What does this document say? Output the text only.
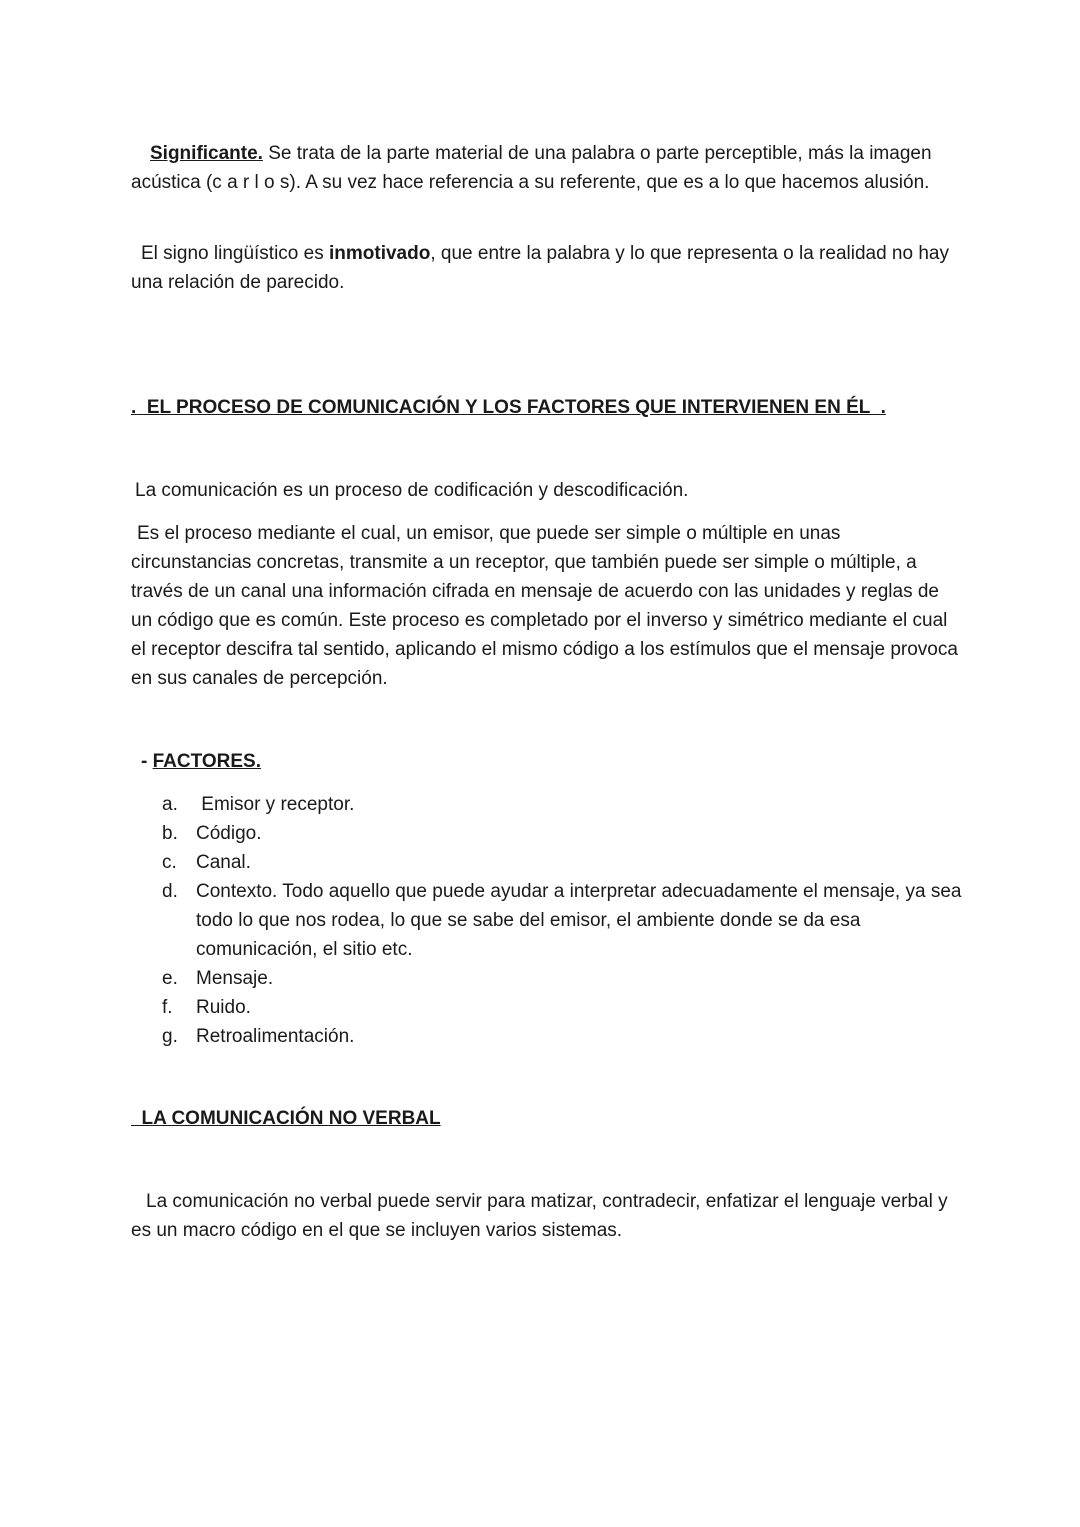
Significante. Se trata de la parte material de una palabra o parte perceptible, más la imagen acústica (c a r l o s). A su vez hace referencia a su referente, que es a lo que hacemos alusión.
El signo lingüístico es inmotivado, que entre la palabra y lo que representa o la realidad no hay una relación de parecido.
.  EL PROCESO DE COMUNICACIÓN Y LOS FACTORES QUE INTERVIENEN EN ÉL  .
La comunicación es un proceso de codificación y descodificación.
Es el proceso mediante el cual, un emisor, que puede ser simple o múltiple en unas circunstancias concretas, transmite a un receptor, que también puede ser simple o múltiple, a través de un canal una información cifrada en mensaje de acuerdo con las unidades y reglas de un código que es común. Este proceso es completado por el inverso y simétrico mediante el cual el receptor descifra tal sentido, aplicando el mismo código a los estímulos que el mensaje provoca en sus canales de percepción.
- FACTORES.
a. Emisor y receptor.
b. Código.
c.	Canal.
d. Contexto. Todo aquello que puede ayudar a interpretar adecuadamente el mensaje, ya sea todo lo que nos rodea, lo que se sabe del emisor, el ambiente donde se da esa comunicación, el sitio etc.
e. Mensaje.
f.	Ruido.
g. Retroalimentación.
LA COMUNICACIÓN NO VERBAL
La comunicación no verbal puede servir para matizar, contradecir, enfatizar el lenguaje verbal y es un macro código en el que se incluyen varios sistemas.
